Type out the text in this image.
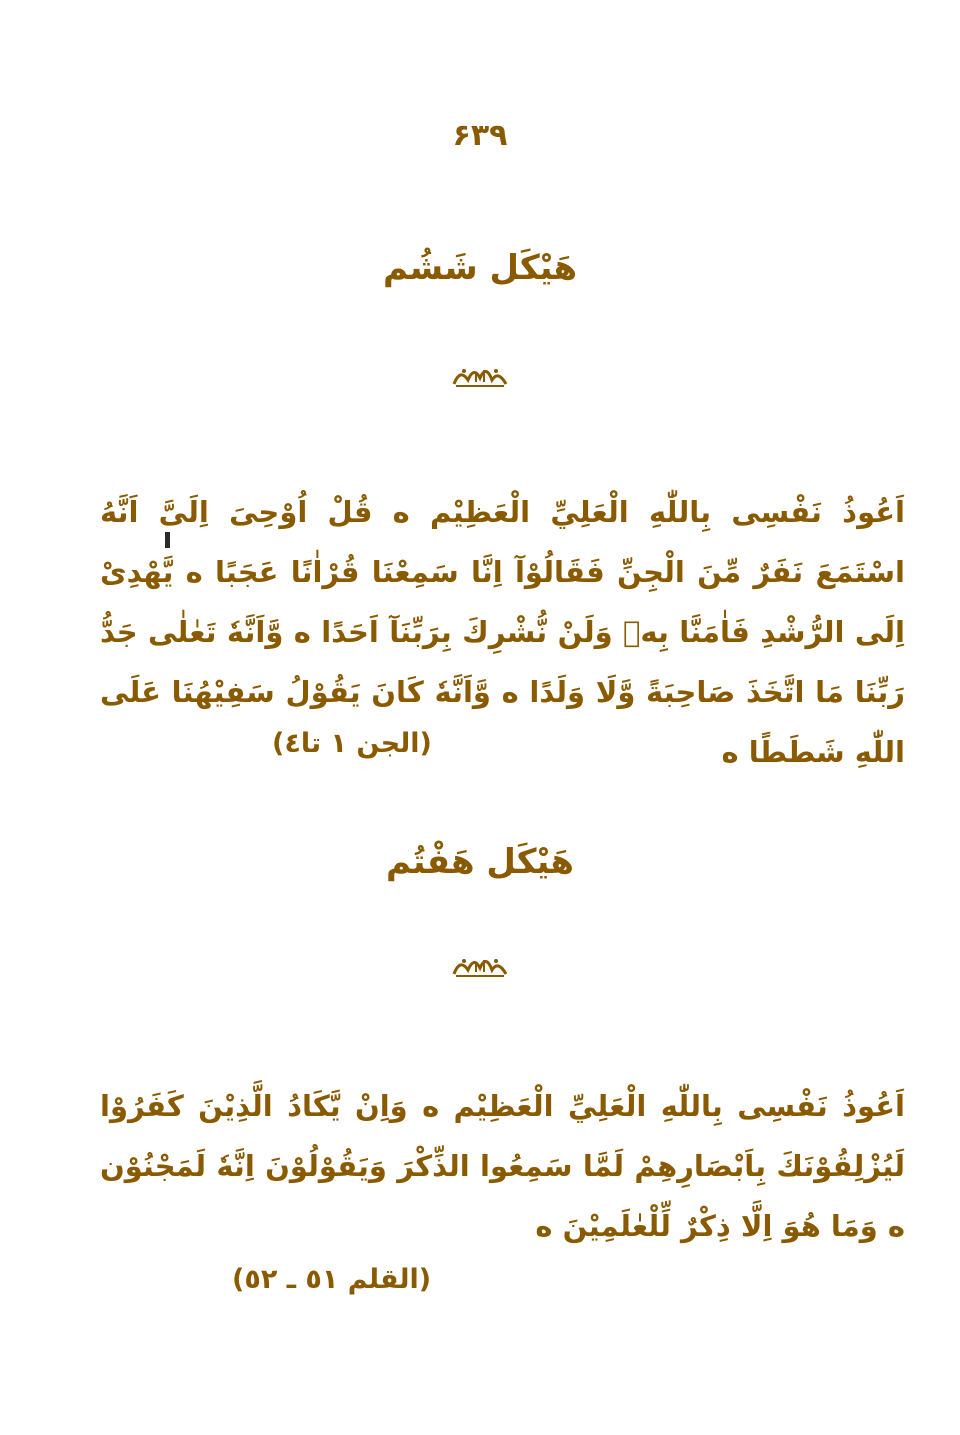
۶۳۹
هَيْكَل شَشُم
اَعُوذُ نَفْسِى بِاللّٰهِ الْعَلِيِّ الْعَظِيْم ه قُلْ اُوْحِىَ اِلَىَّ اَنَّهُ اسْتَمَعَ نَفَرٌ مِّنَ الْجِنِّ فَقَالُوْآ اِنَّا سَمِعْنَا قُرْاٰنًا عَجَبًا ه يَّهْدِىْ اِلَى الرُّشْدِ فَاٰمَنَّا بِهٖ وَلَنْ نُّشْرِكَ بِرَبِّنَآ اَحَدًا ه وَّاَنَّهٗ تَعٰلٰى جَدُّ رَبِّنَا مَا اتَّخَذَ صَاحِبَةً وَّلَا وَلَدًا ه وَّاَنَّهٗ كَانَ يَقُوْلُ سَفِيْهُنَا عَلَى اللّٰهِ شَطَطًا ه
(الجن ١ تا٤)
هَيْكَل هَفْتُم
اَعُوذُ نَفْسِى بِاللّٰهِ الْعَلِيِّ الْعَظِيْم ه وَاِنْ يَّكَادُ الَّذِيْنَ كَفَرُوْا لَيُزْلِقُوْنَكَ بِاَبْصَارِهِمْ لَمَّا سَمِعُوا الذِّكْرَ وَيَقُوْلُوْنَ اِنَّهٗ لَمَجْنُوْن ه وَمَا هُوَ اِلَّا ذِكْرٌ لِّلْعٰلَمِيْنَ ه
(القلم ٥١ ـ ٥٢)
